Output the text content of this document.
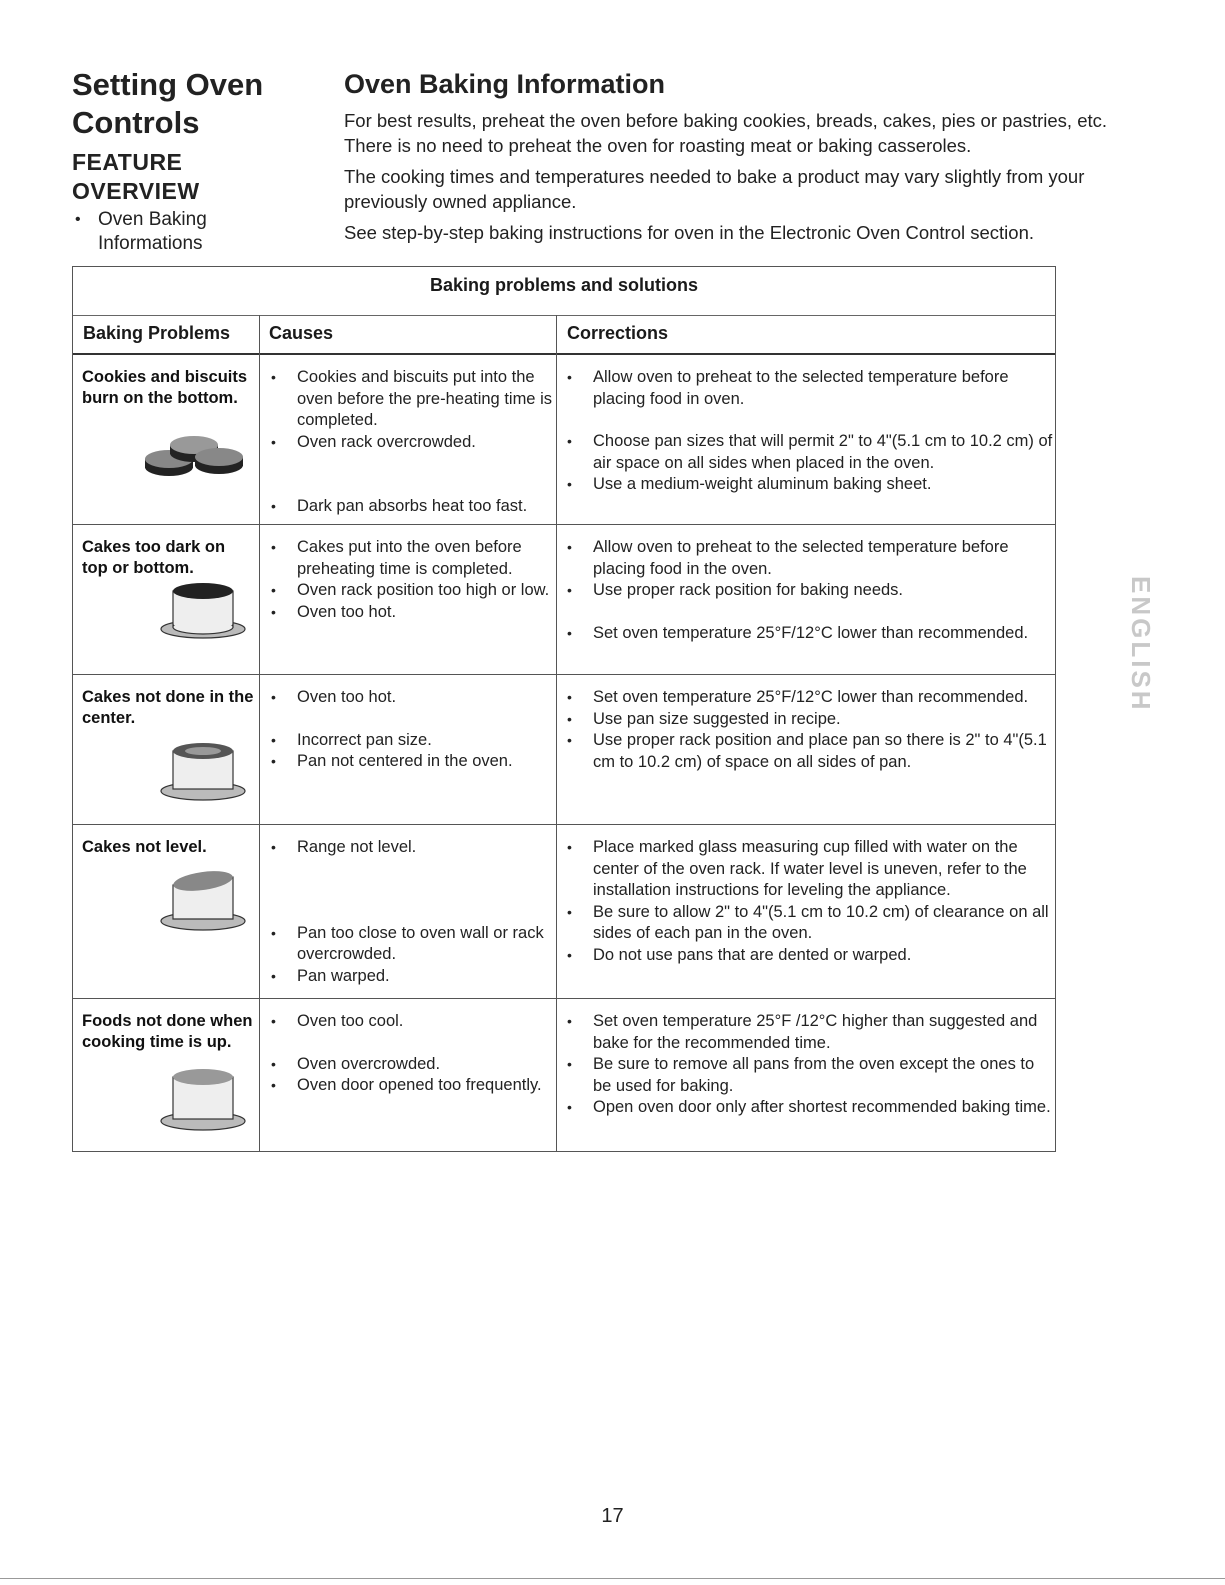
Setting Oven Controls
FEATURE OVERVIEW
• Oven Baking Informations
Oven Baking Information

For best results, preheat the oven before baking cookies, breads, cakes, pies or pastries, etc. There is no need to preheat the oven for roasting meat or baking casseroles.

The cooking times and temperatures needed to bake a product may vary slightly from your previously owned appliance.

See step-by-step baking instructions for oven in the Electronic Oven Control section.

Baking problems and solutions
Baking Problems	Causes	Corrections
Cookies and biscuits burn on the bottom.
• Cookies and biscuits put into the oven before the pre-heating time is completed.
• Oven rack overcrowded.
• Dark pan absorbs heat too fast.
• Allow oven to preheat to the selected temperature before placing food in oven.
• Choose pan sizes that will permit 2" to 4"(5.1 cm to 10.2 cm) of air space on all sides when placed in the oven.
• Use a medium-weight aluminum baking sheet.
Cakes too dark on top or bottom.
• Cakes put into the oven before preheating time is completed.
• Oven rack position too high or low.
• Oven too hot.
• Allow oven to preheat to the selected temperature before placing food in the oven.
• Use proper rack position for baking needs.
• Set oven temperature 25°F/12°C lower than recommended.
Cakes not done in the center.
• Oven too hot.
• Incorrect pan size.
• Pan not centered in the oven.
• Set oven temperature 25°F/12°C lower than recommended.
• Use pan size suggested in recipe.
• Use proper rack position and place pan so there is 2" to 4"(5.1 cm to 10.2 cm) of space on all sides of pan.
Cakes not level.
•	Range not level.
• Pan too close to oven wall or rack overcrowded.
• Pan warped.
• Place marked glass measuring cup filled with water on the center of the oven rack. If water level is uneven, refer to the installation instructions for leveling the appliance.
• Be sure to allow 2" to 4"(5.1 cm to 10.2 cm) of clearance on all sides of each pan in the oven.
• Do not use pans that are dented or warped.
Foods not done when cooking time is up.
• Oven too cool.
• Oven overcrowded.
• Oven door opened too frequently.
• Set oven temperature 25°F /12°C higher than suggested and bake for the recommended time.
• Be sure to remove all pans from the oven except the ones to be used for baking.
• Open oven door only after shortest recommended baking time.
ENGLISH
17
